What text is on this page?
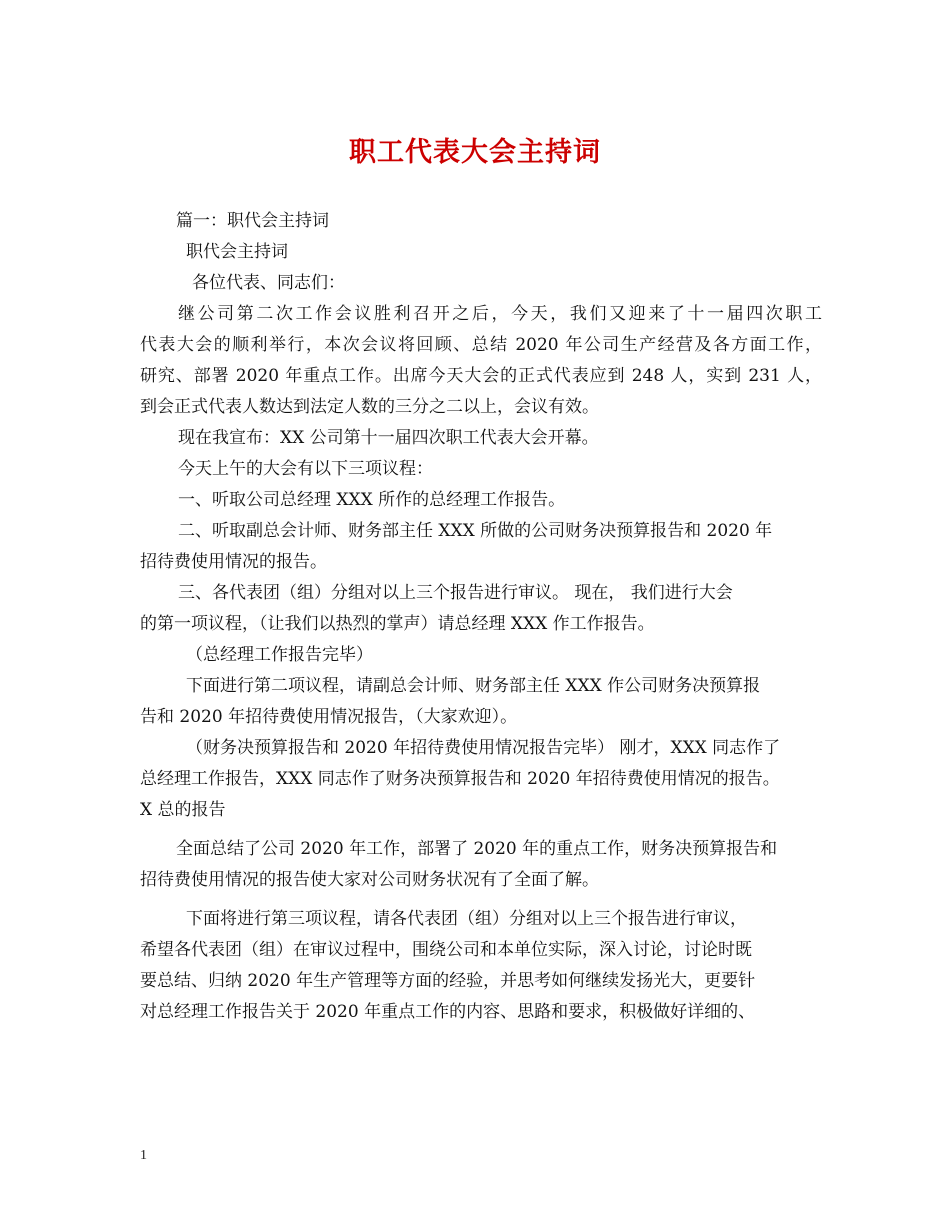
职工代表大会主持词
篇一：职代会主持词
职代会主持词
各位代表、同志们：
继公司第二次工作会议胜利召开之后，今天，我们又迎来了十一届四次职工
代表大会的顺利举行，本次会议将回顾、总结 2020 年公司生产经营及各方面工作，
研究、部署 2020 年重点工作。出席今天大会的正式代表应到 248 人，实到 231 人，
到会正式代表人数达到法定人数的三分之二以上，会议有效。
现在我宣布：XX 公司第十一届四次职工代表大会开幕。
今天上午的大会有以下三项议程：
一、听取公司总经理 XXX 所作的总经理工作报告。
二、听取副总会计师、财务部主任 XXX 所做的公司财务决预算报告和 2020 年
招待费使用情况的报告。
三、各代表团（组）分组对以上三个报告进行审议。 现在， 我们进行大会
的第一项议程，（让我们以热烈的掌声）请总经理 XXX 作工作报告。
（总经理工作报告完毕）
下面进行第二项议程，请副总会计师、财务部主任 XXX 作公司财务决预算报
告和 2020 年招待费使用情况报告，（大家欢迎）。
（财务决预算报告和 2020 年招待费使用情况报告完毕） 刚才，XXX 同志作了
总经理工作报告，XXX 同志作了财务决预算报告和 2020 年招待费使用情况的报告。
X 总的报告
全面总结了公司 2020 年工作，部署了 2020 年的重点工作，财务决预算报告和
招待费使用情况的报告使大家对公司财务状况有了全面了解。
下面将进行第三项议程，请各代表团（组）分组对以上三个报告进行审议，
希望各代表团（组）在审议过程中，围绕公司和本单位实际，深入讨论，讨论时既
要总结、归纳 2020 年生产管理等方面的经验，并思考如何继续发扬光大，更要针
对总经理工作报告关于 2020 年重点工作的内容、思路和要求，积极做好详细的、
1
